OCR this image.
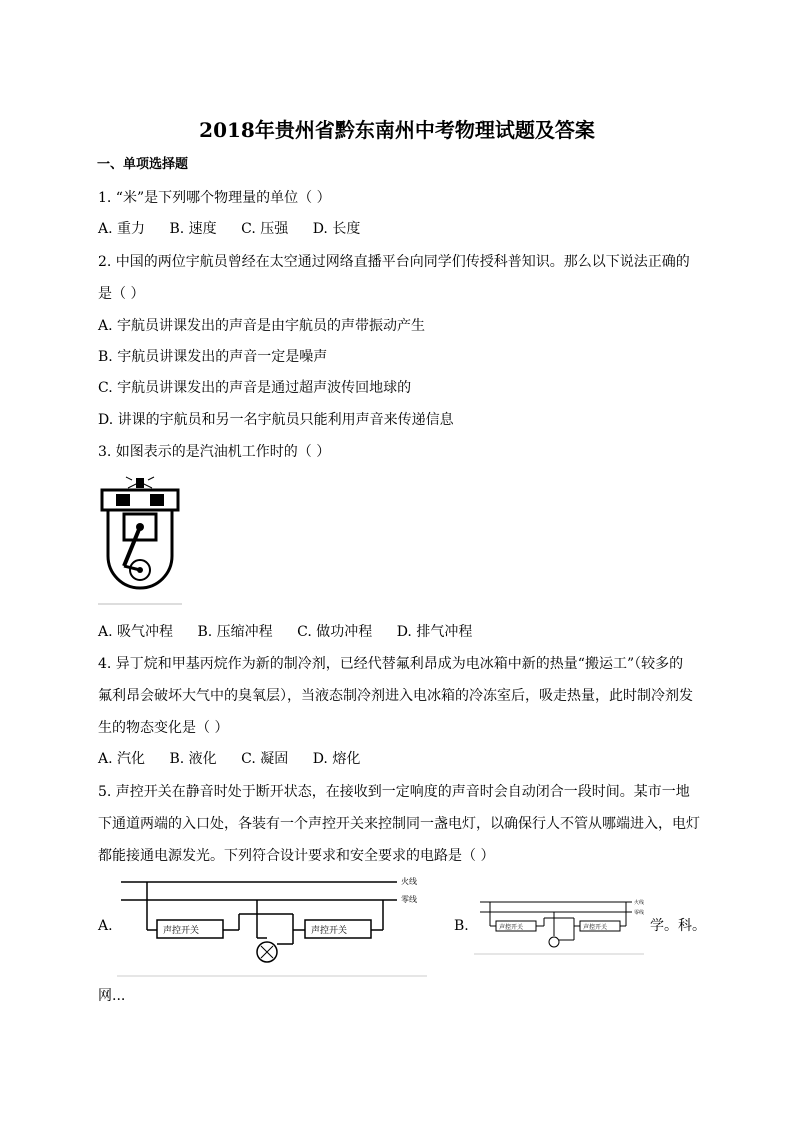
2018年贵州省黔东南州中考物理试题及答案
一、单项选择题
1. “米”是下列哪个物理量的单位（ ）
A. 重力 B. 速度 C. 压强 D. 长度
2. 中国的两位宇航员曾经在太空通过网络直播平台向同学们传授科普知识。那么以下说法正确的
是（ ）
A. 宇航员讲课发出的声音是由宇航员的声带振动产生
B. 宇航员讲课发出的声音一定是噪声
C. 宇航员讲课发出的声音是通过超声波传回地球的
D. 讲课的宇航员和另一名宇航员只能利用声音来传递信息
3. 如图表示的是汽油机工作时的（ ）
A. 吸气冲程 B. 压缩冲程 C. 做功冲程 D. 排气冲程
4. 异丁烷和甲基丙烷作为新的制冷剂，已经代替氟利昂成为电冰箱中新的热量“搬运工”（较多的
氟利昂会破坏大气中的臭氧层），当液态制冷剂进入电冰箱的冷冻室后，吸走热量，此时制冷剂发
生的物态变化是（ ）
A. 汽化 B. 液化 C. 凝固 D. 熔化
5. 声控开关在静音时处于断开状态，在接收到一定响度的声音时会自动闭合一段时间。某市一地
下通道两端的入口处，各装有一个声控开关来控制同一盏电灯，以确保行人不管从哪端进入，电灯
都能接通电源发光。下列符合设计要求和安全要求的电路是（ ）
A.
火线
零线
声控开关	声控开关	B.
火线
零线
声控开关	声控开关	学。科。
网...
